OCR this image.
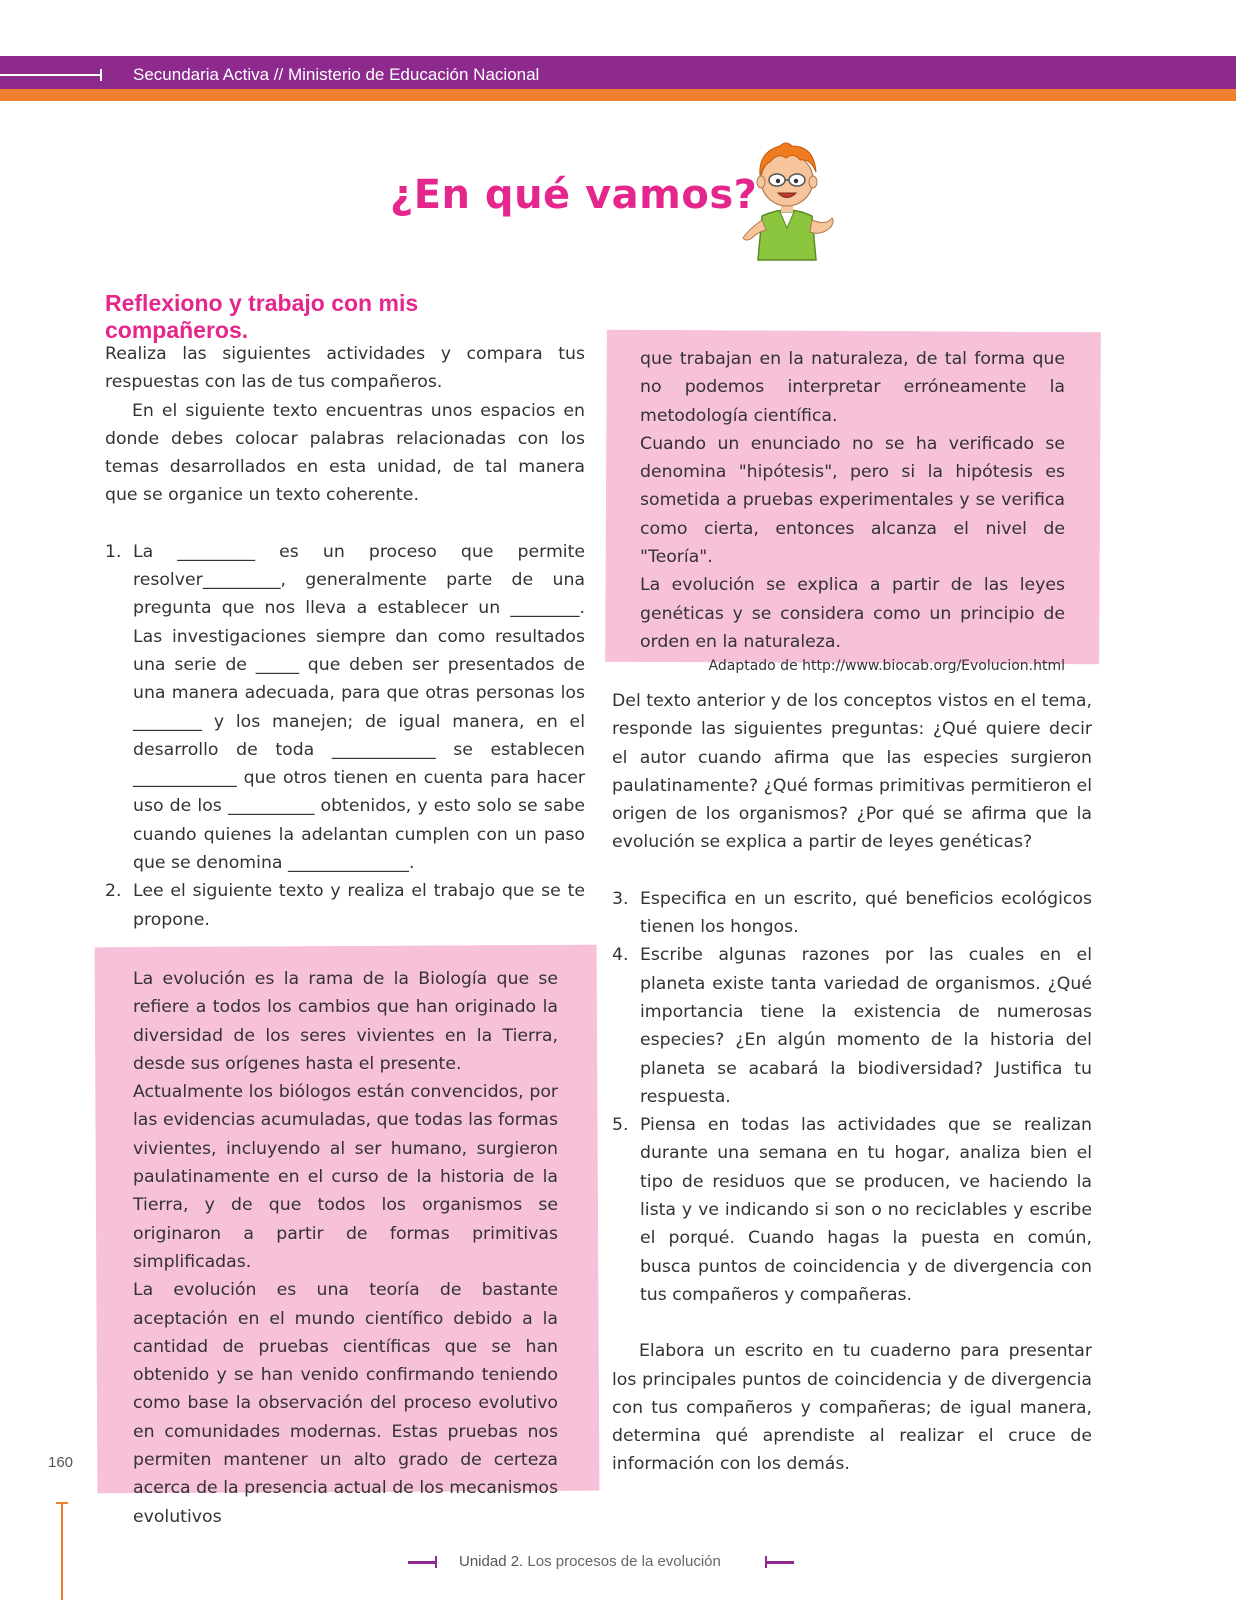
Secundaria Activa // Ministerio de Educación Nacional
¿En qué vamos?
Reflexiono y trabajo con mis compañeros.

Realiza las siguientes actividades y compara tus respuestas con las de tus compañeros.

En el siguiente texto encuentras unos espacios en donde debes colocar palabras relacionadas con los temas desarrollados en esta unidad, de tal manera que se organice un texto coherente.

1. La _________ es un proceso que permite resolver_________, generalmente parte de una pregunta que nos lleva a establecer un ________. Las investigaciones siempre dan como resultados una serie de _____ que deben ser presentados de una manera adecuada, para que otras personas los ________ y los manejen; de igual manera, en el desarrollo de toda ____________ se establecen ____________ que otros tienen en cuenta para hacer uso de los __________ obtenidos, y esto solo se sabe cuando quienes la adelantan cumplen con un paso que se denomina ______________.
2. Lee el siguiente texto y realiza el trabajo que se te propone.

La evolución es la rama de la Biología que se refiere a todos los cambios que han originado la diversidad de los seres vivientes en la Tierra, desde sus orígenes hasta el presente.

Actualmente los biólogos están convencidos, por las evidencias acumuladas, que todas las formas vivientes, incluyendo al ser humano, surgieron paulatinamente en el curso de la historia de la Tierra, y de que todos los organismos se originaron a partir de formas primitivas simplificadas.

La evolución es una teoría de bastante aceptación en el mundo científico debido a la cantidad de pruebas científicas que se han obtenido y se han venido confirmando teniendo como base la observación del proceso evolutivo en comunidades modernas. Estas pruebas nos permiten mantener un alto grado de certeza acerca de la presencia actual de los mecanismos evolutivos

que trabajan en la naturaleza, de tal forma que no podemos interpretar erróneamente la metodología científica.

Cuando un enunciado no se ha verificado se denomina "hipótesis", pero si la hipótesis es sometida a pruebas experimentales y se verifica como cierta, entonces alcanza el nivel de "Teoría".

La evolución se explica a partir de las leyes genéticas y se considera como un principio de orden en la naturaleza.

Adaptado de http://www.biocab.org/Evolucion.html

Del texto anterior y de los conceptos vistos en el tema, responde las siguientes preguntas: ¿Qué quiere decir el autor cuando afirma que las especies surgieron paulatinamente? ¿Qué formas primitivas permitieron el origen de los organismos? ¿Por qué se afirma que la evolución se explica a partir de leyes genéticas?

3. Especifica en un escrito, qué beneficios ecológicos tienen los hongos.
4. Escribe algunas razones por las cuales en el planeta existe tanta variedad de organismos. ¿Qué importancia tiene la existencia de numerosas especies? ¿En algún momento de la historia del planeta se acabará la biodiversidad? Justifica tu respuesta.
5. Piensa en todas las actividades que se realizan durante una semana en tu hogar, analiza bien el tipo de residuos que se producen, ve haciendo la lista y ve indicando si son o no reciclables y escribe el porqué. Cuando hagas la puesta en común, busca puntos de coincidencia y de divergencia con tus compañeros y compañeras.

Elabora un escrito en tu cuaderno para presentar los principales puntos de coincidencia y de divergencia con tus compañeros y compañeras; de igual manera, determina qué aprendiste al realizar el cruce de información con los demás.

160
Unidad 2. Los procesos de la evolución
